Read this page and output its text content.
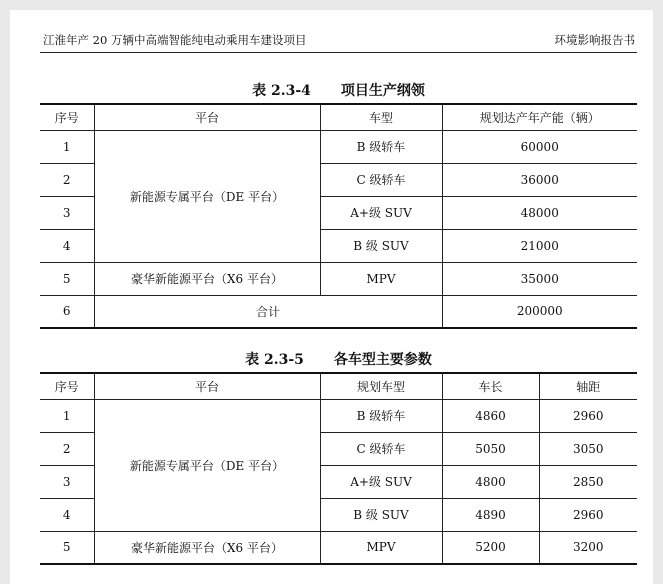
江淮年产 20 万辆中高端智能纯电动乘用车建设项目	环境影响报告书
表 2.3-4 项目生产纲领
序号	平台	车型	规划达产年产能（辆）
1	新能源专属平台（DE 平台）	B 级轿车	60000
2		C 级轿车	36000
3		A+级 SUV	48000
4		B 级 SUV	21000
5	豪华新能源平台（X6 平台）	MPV	35000
6	合计		200000
表 2.3-5 各车型主要参数
序号	平台	规划车型	车长	轴距
1	新能源专属平台（DE 平台）	B 级轿车	4860	2960
2		C 级轿车	5050	3050
3		A+级 SUV	4800	2850
4		B 级 SUV	4890	2960
5	豪华新能源平台（X6 平台）	MPV	5200	3200
